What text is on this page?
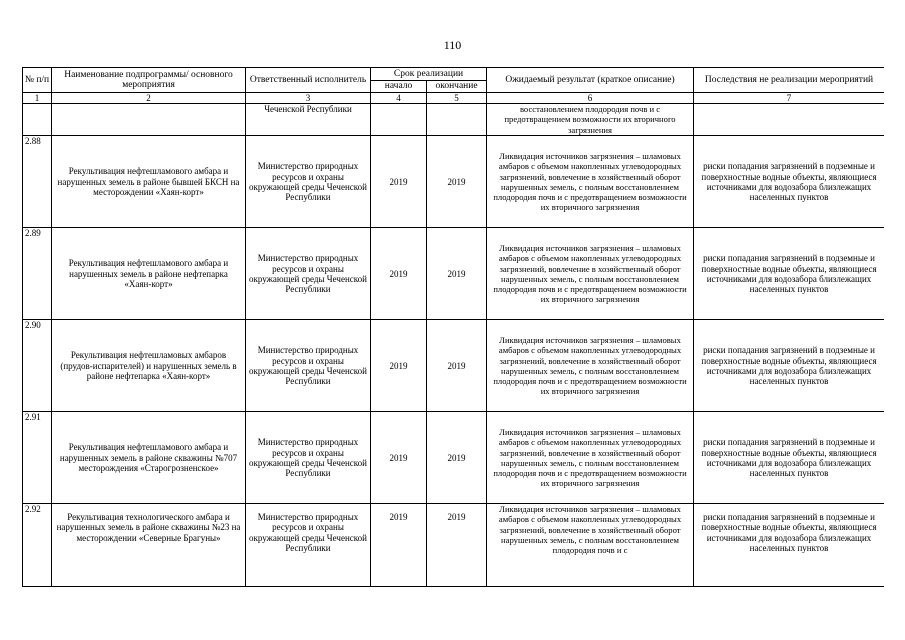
110
№ п/п	Наименование подпрограммы/ основного мероприятия	Ответственный исполнитель	Срок реализации		Ожидаемый результат (краткое описание)	Последствия не реализации мероприятий
			начало	окончание		
1	2	3	4	5	6	7
		Чеченской Республики			восстановлением плодородия почв и с предотвращением возможности их вторичного загрязнения	
2.88	Рекультивация нефтешламового амбара и нарушенных земель в районе бывшей БКСН на месторождении «Хаян-корт»	Министерство природных ресурсов и охраны окружающей среды Чеченской Республики	2019	2019	Ликвидация источников загрязнения – шламовых амбаров с объемом накопленных углеводородных загрязнений, вовлечение в хозяйственный оборот нарушенных земель, с полным восстановлением плодородия почв и с предотвращением возможности их вторичного загрязнения	риски попадания загрязнений в подземные и поверхностные водные объекты, являющиеся источниками для водозабора близлежащих населенных пунктов
2.89	Рекультивация нефтешламового амбара и нарушенных земель в районе нефтепарка «Хаян-корт»	Министерство природных ресурсов и охраны окружающей среды Чеченской Республики	2019	2019	Ликвидация источников загрязнения – шламовых амбаров с объемом накопленных углеводородных загрязнений, вовлечение в хозяйственный оборот нарушенных земель, с полным восстановлением плодородия почв и с предотвращением возможности их вторичного загрязнения	риски попадания загрязнений в подземные и поверхностные водные объекты, являющиеся источниками для водозабора близлежащих населенных пунктов
2.90	Рекультивация нефтешламовых амбаров (прудов-испарителей) и нарушенных земель в районе нефтепарка «Хаян-корт»	Министерство природных ресурсов и охраны окружающей среды Чеченской Республики	2019	2019	Ликвидация источников загрязнения – шламовых амбаров с объемом накопленных углеводородных загрязнений, вовлечение в хозяйственный оборот нарушенных земель, с полным восстановлением плодородия почв и с предотвращением возможности их вторичного загрязнения	риски попадания загрязнений в подземные и поверхностные водные объекты, являющиеся источниками для водозабора близлежащих населенных пунктов
2.91	Рекультивация нефтешламового амбара и нарушенных земель в районе скважины №707 месторождения «Старогрозненское»	Министерство природных ресурсов и охраны окружающей среды Чеченской Республики	2019	2019	Ликвидация источников загрязнения – шламовых амбаров с объемом накопленных углеводородных загрязнений, вовлечение в хозяйственный оборот нарушенных земель, с полным восстановлением плодородия почв и с предотвращением возможности их вторичного загрязнения	риски попадания загрязнений в подземные и поверхностные водные объекты, являющиеся источниками для водозабора близлежащих населенных пунктов
2.92	Рекультивация технологического амбара и нарушенных земель в районе скважины №23 на месторождении «Северные Брагуны»	Министерство природных ресурсов и охраны окружающей среды Чеченской Республики	2019	2019	Ликвидация источников загрязнения – шламовых амбаров с объемом накопленных углеводородных загрязнений, вовлечение в хозяйственный оборот нарушенных земель, с полным восстановлением плодородия почв и с	риски попадания загрязнений в подземные и поверхностные водные объекты, являющиеся источниками для водозабора близлежащих населенных пунктов
